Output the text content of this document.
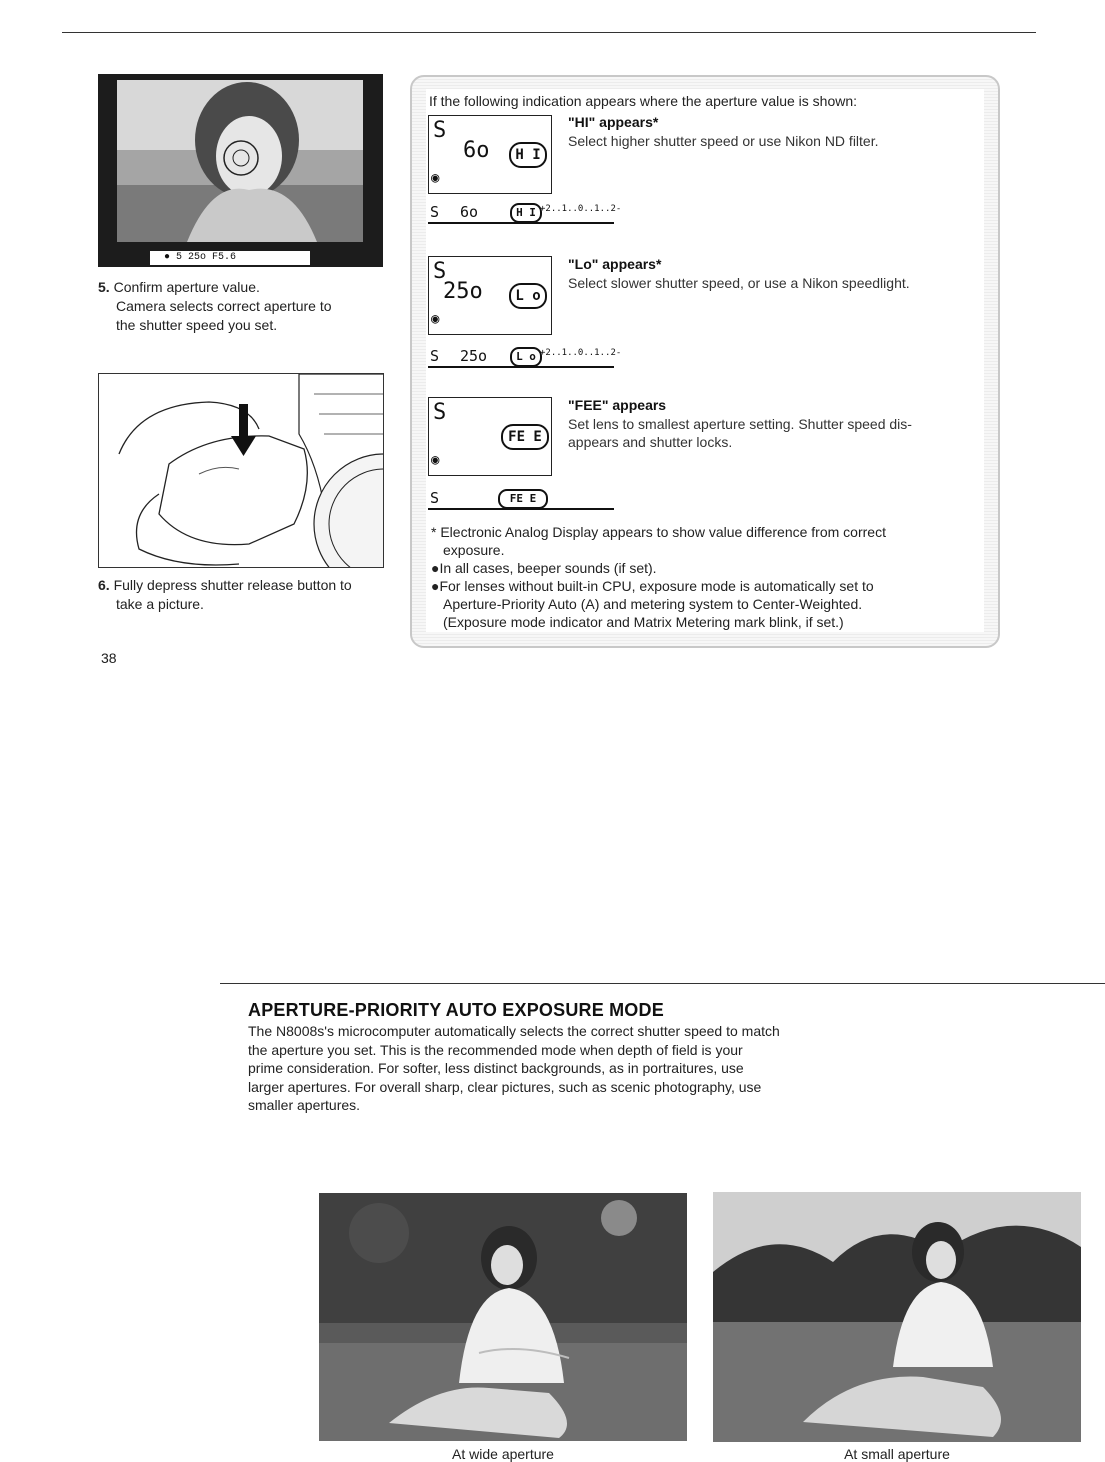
● 5 25o F5.6
5. Confirm aperture value.
Camera selects correct aperture to
the shutter speed you set.
6. Fully depress shutter release button to
take a picture.
38
If the following indication appears where the aperture value is shown:
S
6o
◉
H I
"HI" appears*
Select higher shutter speed or use Nikon ND filter.
S 6o	H I +2..1..0..1..2-
S
25o
◉
L o
"Lo" appears*
Select slower shutter speed, or use a Nikon speedlight.
S 25o	L o +2..1..0..1..2-
S
◉
FE E
"FEE" appears
Set lens to smallest aperture setting. Shutter speed dis-
appears and shutter locks.
S	FE E

* Electronic Analog Display appears to show value difference from correct

exposure.

●In all cases, beeper sounds (if set).

●For lenses without built-in CPU, exposure mode is automatically set to

Aperture-Priority Auto (A) and metering system to Center-Weighted.

(Exposure mode indicator and Matrix Metering mark blink, if set.)

APERTURE-PRIORITY AUTO EXPOSURE MODE
The N8008s's microcomputer automatically selects the correct shutter speed to match
the aperture you set. This is the recommended mode when depth of field is your
prime consideration. For softer, less distinct backgrounds, as in portraitures, use
larger apertures. For overall sharp, clear pictures, such as scenic photography, use
smaller apertures.
At wide aperture	At small aperture
